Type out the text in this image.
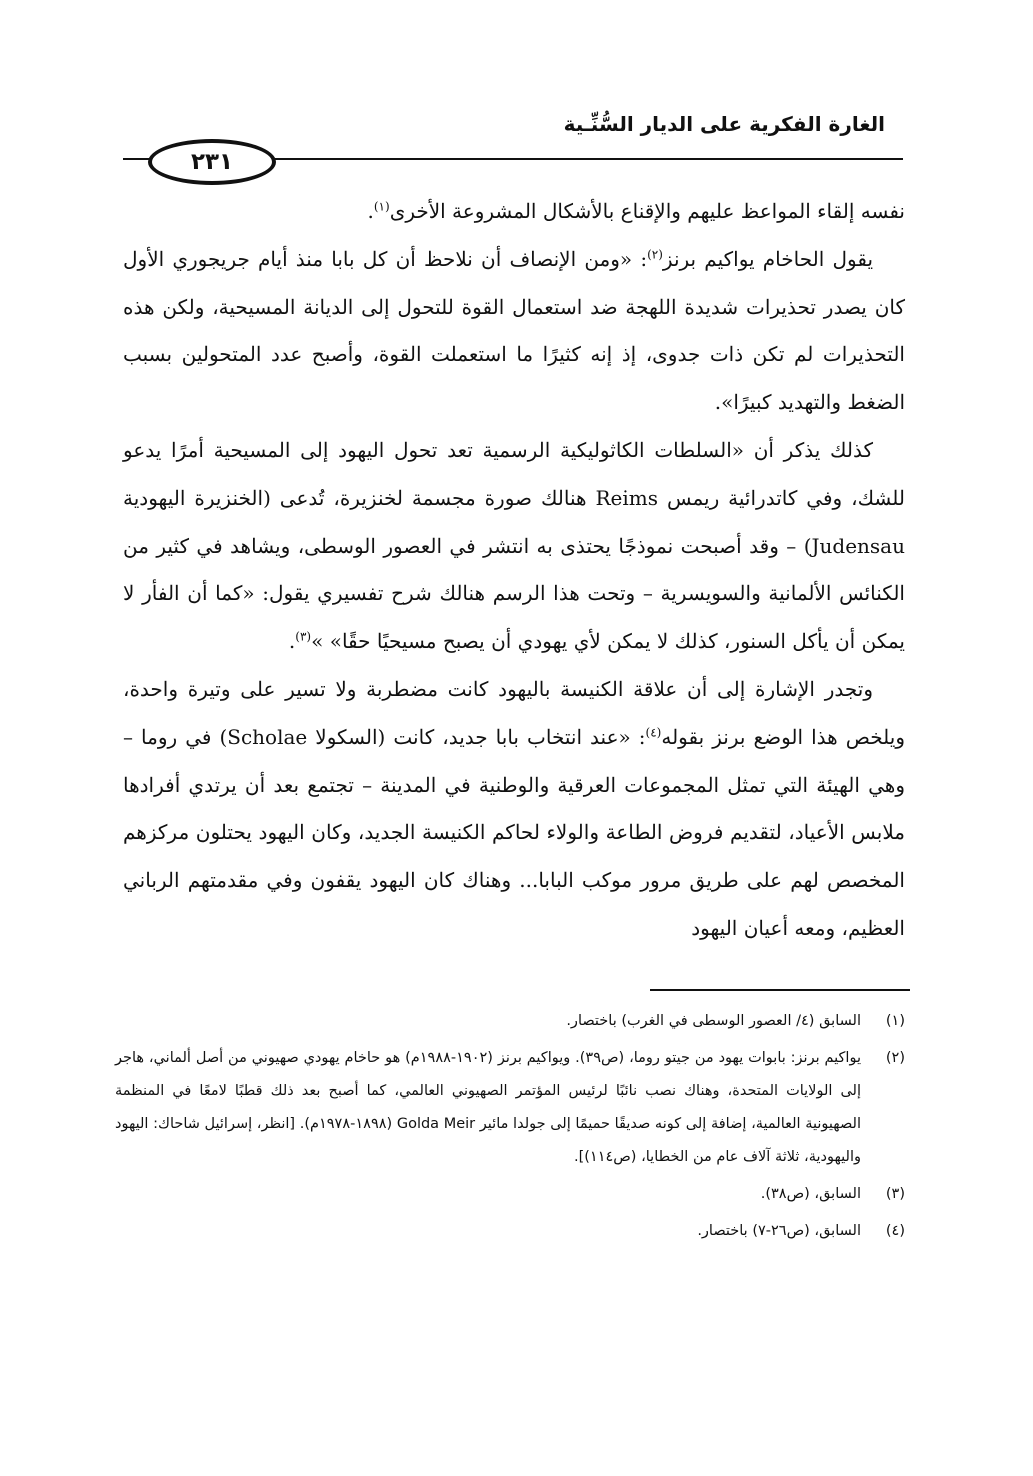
الغارة الفكرية على الديار السُّنِّـية
٢٣١

نفسه إلقاء المواعظ عليهم والإقناع بالأشكال المشروعة الأخرى$^{(١)}$.

يقول الحاخام يواكيم برنز$^{(٢)}$: «ومن الإنصاف أن نلاحظ أن كل بابا منذ أيام جريجوري الأول كان يصدر تحذيرات شديدة اللهجة ضد استعمال القوة للتحول إلى الديانة المسيحية، ولكن هذه التحذيرات لم تكن ذات جدوى، إذ إنه كثيرًا ما استعملت القوة، وأصبح عدد المتحولين بسبب الضغط والتهديد كبيرًا».

كذلك يذكر أن «السلطات الكاثوليكية الرسمية تعد تحول اليهود إلى المسيحية أمرًا يدعو للشك، وفي كاتدرائية ريمس Reims هنالك صورة مجسمة لخنزيرة، تُدعى (الخنزيرة اليهودية Judensau) – وقد أصبحت نموذجًا يحتذى به انتشر في العصور الوسطى، ويشاهد في كثير من الكنائس الألمانية والسويسرية – وتحت هذا الرسم هنالك شرح تفسيري يقول: «كما أن الفأر لا يمكن أن يأكل السنور، كذلك لا يمكن لأي يهودي أن يصبح مسيحيًا حقًا» »$^{(٣)}$.

وتجدر الإشارة إلى أن علاقة الكنيسة باليهود كانت مضطربة ولا تسير على وتيرة واحدة، ويلخص هذا الوضع برنز بقوله$^{(٤)}$: «عند انتخاب بابا جديد، كانت (السكولا Scholae) في روما – وهي الهيئة التي تمثل المجموعات العرقية والوطنية في المدينة – تجتمع بعد أن يرتدي أفرادها ملابس الأعياد، لتقديم فروض الطاعة والولاء لحاكم الكنيسة الجديد، وكان اليهود يحتلون مركزهم المخصص لهم على طريق مرور موكب البابا... وهناك كان اليهود يقفون وفي مقدمتهم الرباني العظيم، ومعه أعيان اليهود

(١)
السابق (٤/ العصور الوسطى في الغرب) باختصار.
(٢)
يواكيم برنز: بابوات يهود من جيتو روما، (ص٣٩). ويواكيم برنز (١٩٠٢-١٩٨٨م) هو حاخام يهودي صهيوني من أصل ألماني، هاجر إلى الولايات المتحدة، وهناك نصب نائبًا لرئيس المؤتمر الصهيوني العالمي، كما أصبح بعد ذلك قطبًا لامعًا في المنظمة الصهيونية العالمية، إضافة إلى كونه صديقًا حميمًا إلى جولدا مائير Golda Meir (١٨٩٨-١٩٧٨م). [انظر، إسرائيل شاحاك: اليهود واليهودية، ثلاثة آلاف عام من الخطايا، (ص١١٤)].
(٣)
السابق، (ص٣٨).
(٤)
السابق، (ص٢٦-٧) باختصار.
